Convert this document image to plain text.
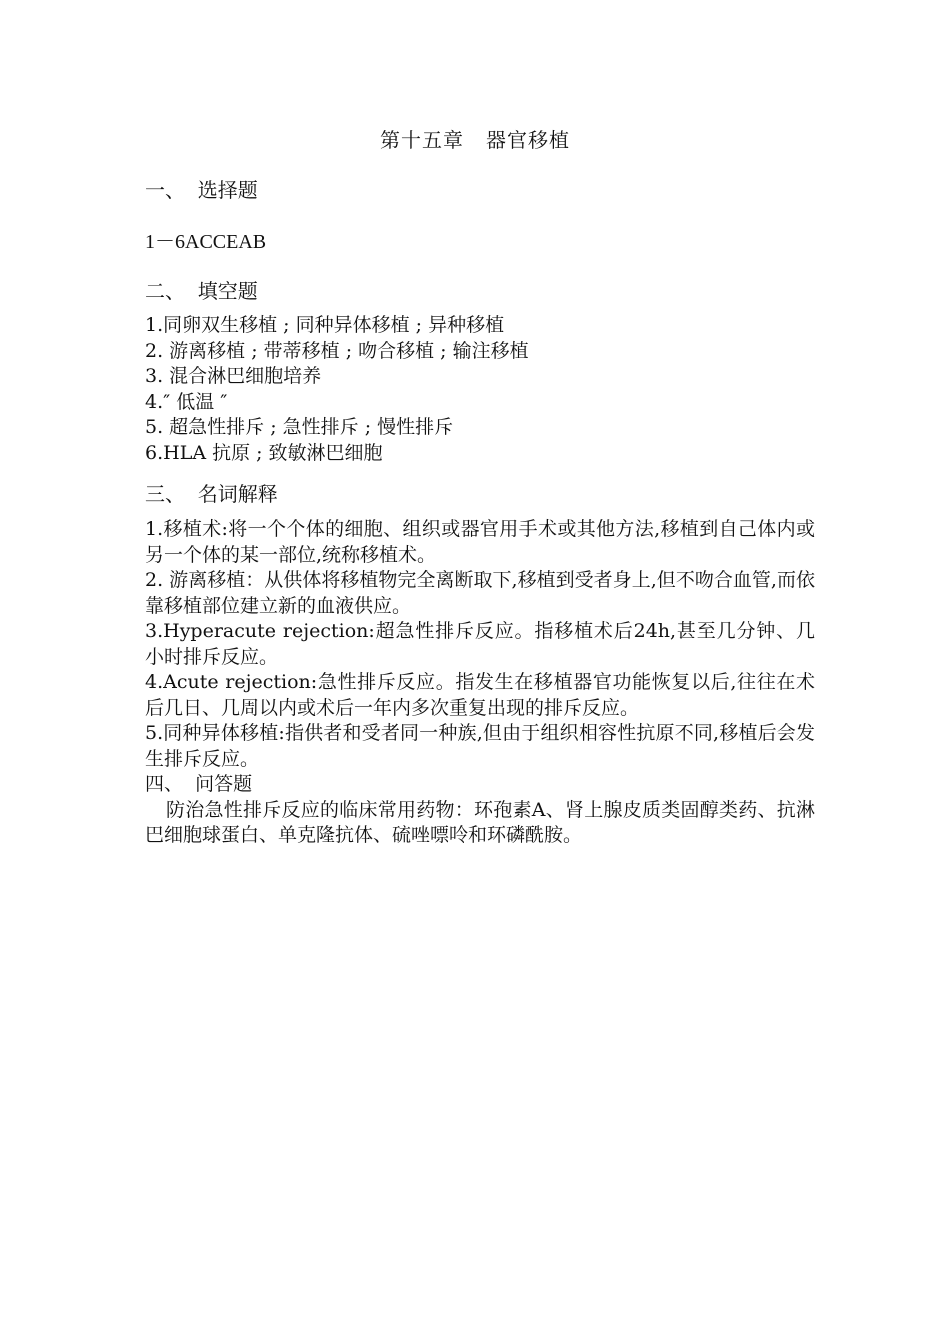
第十五章   器官移植
一、  选择题
1－6ACCEAB
二、  填空题
1.同卵双生移植 ; 同种异体移植 ; 异种移植
2. 游离移植 ; 带蒂移植 ; 吻合移植 ; 输注移植
3. 混合淋巴细胞培养
4.″ 低温 ″
5. 超急性排斥 ; 急性排斥 ; 慢性排斥
6.HLA 抗原 ; 致敏淋巴细胞
三、  名词解释
1.移植术:将一个个体的细胞、组织或器官用手术或其他方法,移植到自己体内或另一个体的某一部位,统称移植术。
2. 游离移植：从供体将移植物完全离断取下,移植到受者身上,但不吻合血管,而依靠移植部位建立新的血液供应。
3.Hyperacute rejection:超急性排斥反应。指移植术后24h,甚至几分钟、几小时排斥反应。
4.Acute rejection:急性排斥反应。指发生在移植器官功能恢复以后,往往在术后几日、几周以内或术后一年内多次重复出现的排斥反应。
5.同种异体移植:指供者和受者同一种族,但由于组织相容性抗原不同,移植后会发生排斥反应。
四、  问答题
防治急性排斥反应的临床常用药物：环孢素A、肾上腺皮质类固醇类药、抗淋巴细胞球蛋白、单克隆抗体、硫唑嘌呤和环磷酰胺。
